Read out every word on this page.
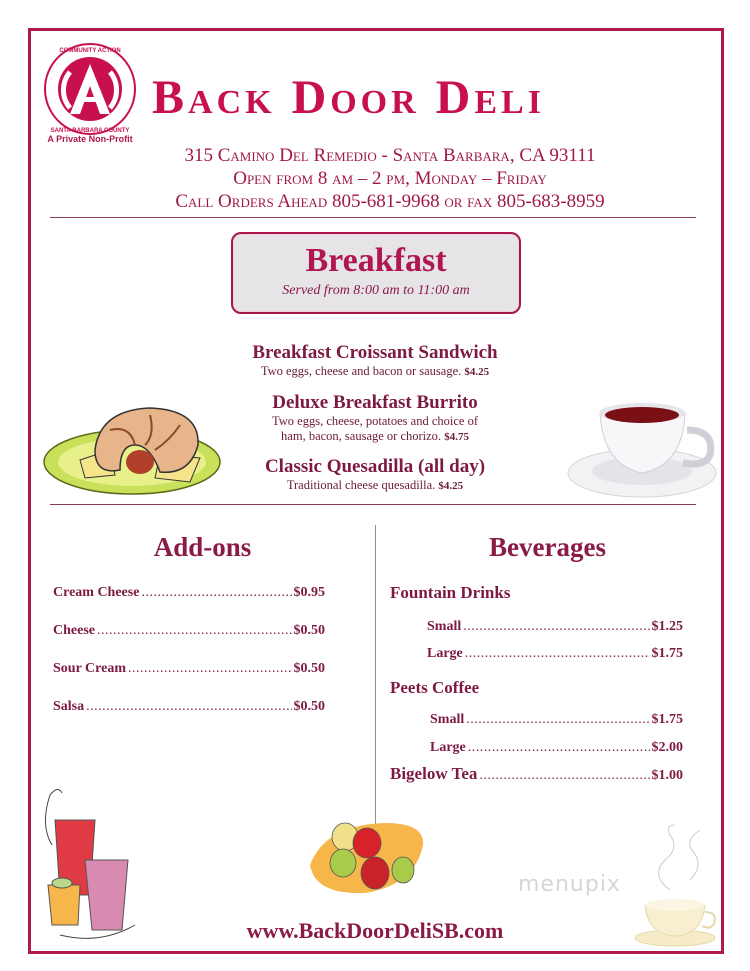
COMMUNITY ACTION
SANTA BARBARA COUNTY
A Private Non-Profit
Back Door Deli
315 Camino Del Remedio - Santa Barbara, CA 93111
Open from 8 am – 2 pm, Monday – Friday
Call Orders Ahead 805-681-9968 or fax 805-683-8959
Breakfast
Served from 8:00 am to 11:00 am
Breakfast Croissant Sandwich
Two eggs, cheese and bacon or sausage. $4.25
Deluxe Breakfast Burrito
Two eggs, cheese, potatoes and choice of
ham, bacon, sausage or chorizo. $4.75
Classic Quesadilla (all day)
Traditional cheese quesadilla. $4.25
Add-ons
Cream Cheese .....	$0.95
Cheese .....	$0.50
Sour Cream .....	$0.50
Salsa .....	$0.50
Beverages
Fountain Drinks
Small .....	$1.25
Large .....	$1.75
Peets Coffee
Small .....	$1.75
Large .....	$2.00
Bigelow Tea .....	$1.00
menupix
www.BackDoorDeliSB.com
